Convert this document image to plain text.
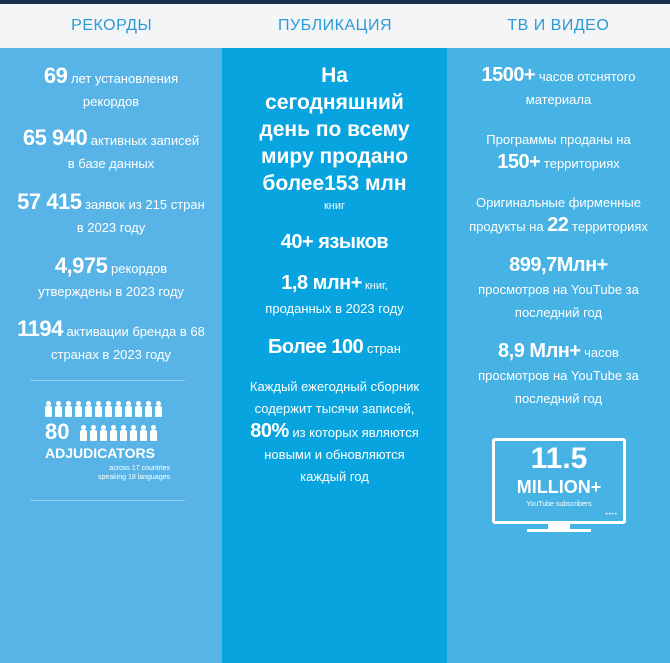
РЕКОРДЫ	ПУБЛИКАЦИЯ	ТВ И ВИДЕО
69 лет установления
рекордов
65 940 активных записей
в базе данных
57 415 заявок из 215 стран
в 2023 году
4,975 рекордов
утверждены в 2023 году
1194 активации бренда в 68
странах в 2023 году
80
ADJUDICATORS
across 17 countries
speaking 18 languages
На
сегодняшний
день по всему
миру продано
более153 млн
книг
40+ языков
1,8 млн+ книг,
проданных в 2023 году
Более 100 стран
Каждый ежегодный сборник
содержит тысячи записей,
80% из которых являются
новыми и обновляются
каждый год
1500+ часов отснятого
материала
Программы проданы на
150+ территориях
Оригинальные фирменные
продукты на 22 территориях
899,7Млн+
просмотров на YouTube за
последний год
8,9 Млн+ часов
просмотров на YouTube за
последний год
11.5
MILLION+
YouTube subscribers
••••
